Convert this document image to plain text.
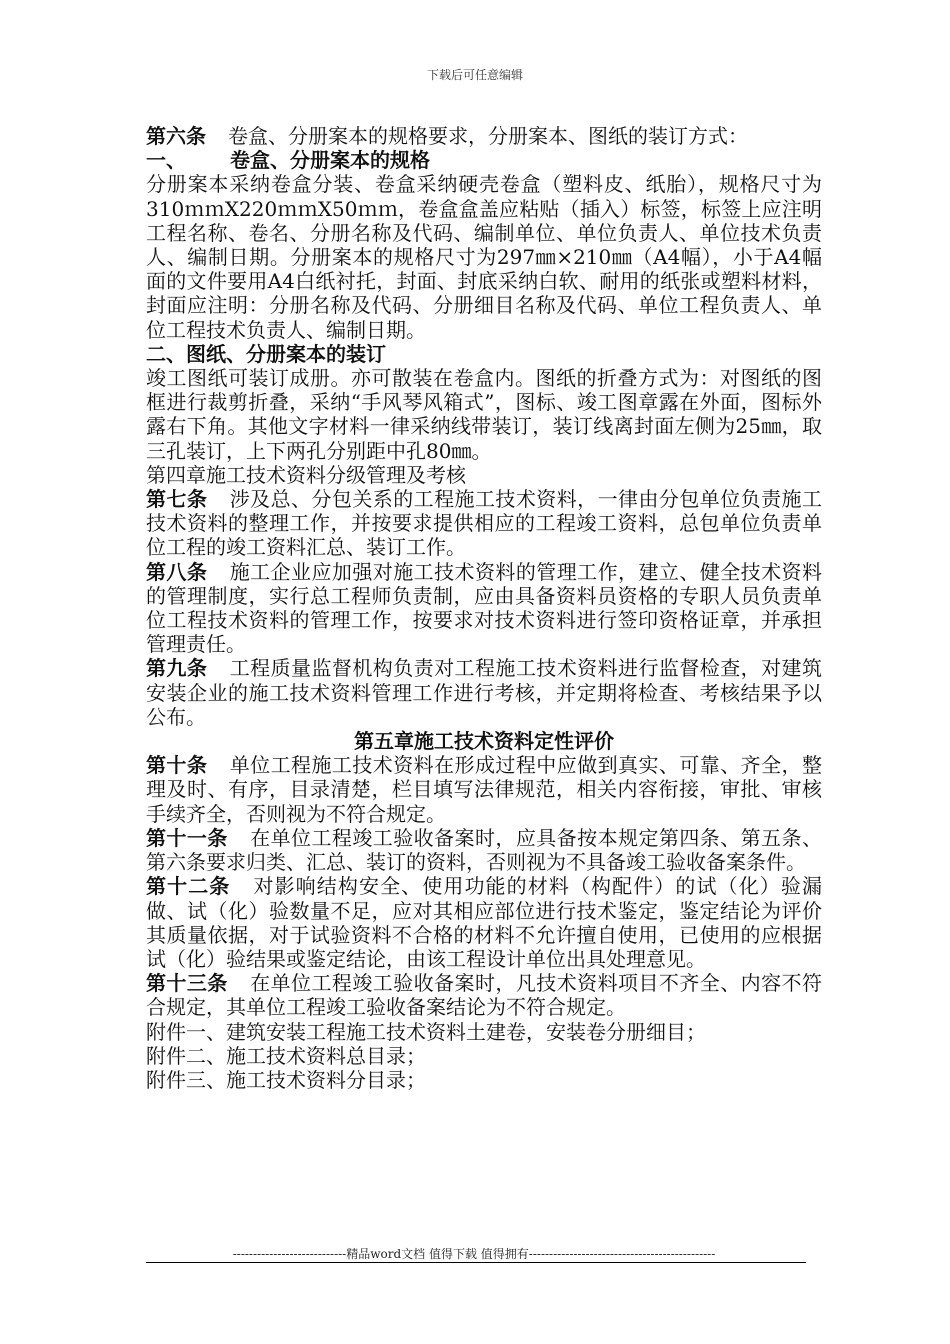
下载后可任意编辑

第六条 卷盒、分册案本的规格要求，分册案本、图纸的装订方式：

一、 卷盒、分册案本的规格

分册案本采纳卷盒分装、卷盒采纳硬壳卷盒（塑料皮、纸胎），规格尺寸为310ｍｍX220ｍｍX50ｍｍ，卷盒盒盖应粘贴（插入）标签，标签上应注明工程名称、卷名、分册名称及代码、编制单位、单位负责人、单位技术负责人、编制日期。分册案本的规格尺寸为297㎜×210㎜（A4幅），小于A4幅面的文件要用A4白纸衬托，封面、封底采纳白软、耐用的纸张或塑料材料，封面应注明：分册名称及代码、分册细目名称及代码、单位工程负责人、单位工程技术负责人、编制日期。

二、图纸、分册案本的装订

竣工图纸可装订成册。亦可散装在卷盒内。图纸的折叠方式为：对图纸的图框进行裁剪折叠，采纳“手风琴风箱式”，图标、竣工图章露在外面，图标外露右下角。其他文字材料一律采纳线带装订，装订线离封面左侧为25㎜，取三孔装订，上下两孔分别距中孔80㎜。

第四章施工技术资料分级管理及考核

第七条 涉及总、分包关系的工程施工技术资料，一律由分包单位负责施工技术资料的整理工作，并按要求提供相应的工程竣工资料，总包单位负责单位工程的竣工资料汇总、装订工作。

第八条 施工企业应加强对施工技术资料的管理工作，建立、健全技术资料的管理制度，实行总工程师负责制，应由具备资料员资格的专职人员负责单位工程技术资料的管理工作，按要求对技术资料进行签印资格证章，并承担管理责任。

第九条 工程质量监督机构负责对工程施工技术资料进行监督检查，对建筑安装企业的施工技术资料管理工作进行考核，并定期将检查、考核结果予以公布。

第五章施工技术资料定性评价

第十条 单位工程施工技术资料在形成过程中应做到真实、可靠、齐全，整理及时、有序，目录清楚，栏目填写法律规范，相关内容衔接，审批、审核手续齐全，否则视为不符合规定。

第十一条 在单位工程竣工验收备案时，应具备按本规定第四条、第五条、第六条要求归类、汇总、装订的资料，否则视为不具备竣工验收备案条件。

第十二条 对影响结构安全、使用功能的材料（构配件）的试（化）验漏做、试（化）验数量不足，应对其相应部位进行技术鉴定，鉴定结论为评价其质量依据，对于试验资料不合格的材料不允许擅自使用，已使用的应根据试（化）验结果或鉴定结论，由该工程设计单位出具处理意见。

第十三条 在单位工程竣工验收备案时，凡技术资料项目不齐全、内容不符合规定，其单位工程竣工验收备案结论为不符合规定。

附件一、建筑安装工程施工技术资料土建卷，安装卷分册细目；

附件二、施工技术资料总目录；

附件三、施工技术资料分目录；

----------------------------精品word文档 值得下载 值得拥有----------------------------------------------
